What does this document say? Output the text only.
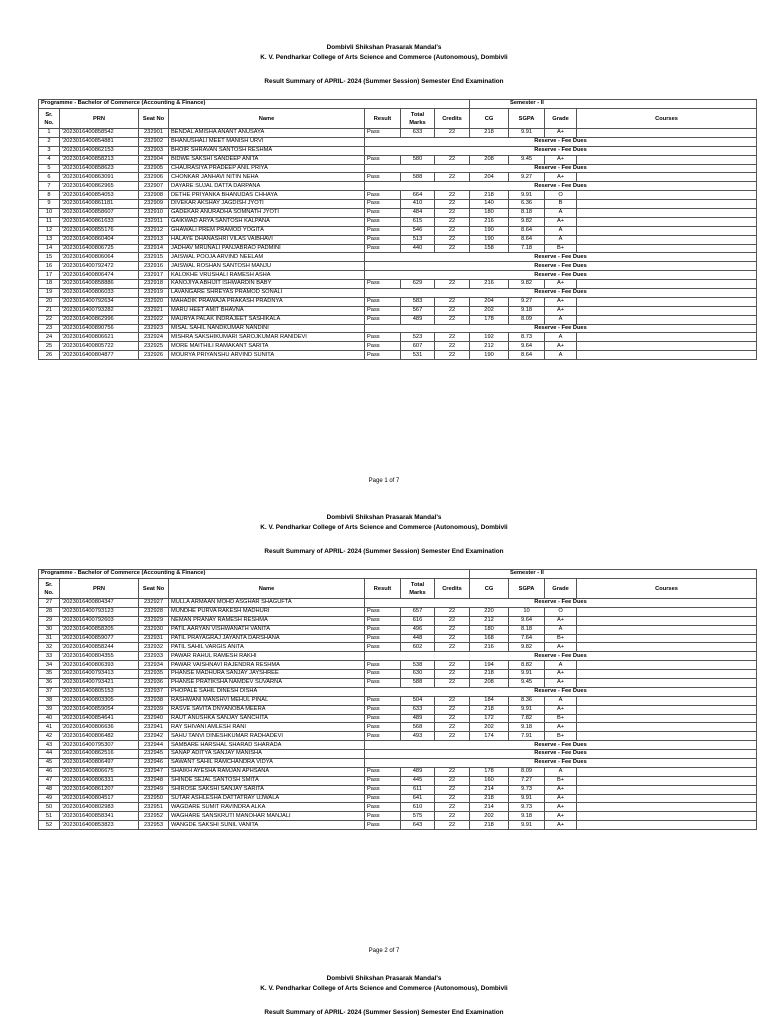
Dombivli Shikshan Prasarak Mandal's
K. V. Pendharkar College of Arts Science and Commerce (Autonomous), Dombivli
Result Summary of APRIL- 2024 (Summer Session) Semester End Examination
Programme - Bachelor of Commerce (Accounting & Finance)							Semester - II			
Sr. No.	PRN	Seat No	Name	Result	Total Marks	Credits	CG	SGPA	Grade	Courses
1	'2023016400858542	232901	BENDAL AMISHA ANANT ANUSAYA	Pass	633	22	218	9.91	A+	
2	'2023016400854881	232902	BHANUSHALI MEET MANISH URVI	Reserve - Fee Dues						
3	'2023016400862153	232903	BHOIR SHRAVAN SANTOSH RESHMA	Reserve - Fee Dues						
4	'2023016400858213	232904	BIDWE SAKSHI SANDEEP ANITA	Pass	580	22	208	9.45	A+	
5	'2023016400858623	232905	CHAURASIYA PRADEEP ANIL PRIYA	Reserve - Fee Dues						
6	'2023016400863091	232906	CHONKAR JANHAVI NITIN NEHA	Pass	588	22	204	9.27	A+	
7	'2023016400862965	232907	DAYARE SUJAL DATTA DARPANA	Reserve - Fee Dues						
8	'2023016400854053	232908	DETHE PRIYANKA BHANUDAS CHHAYA	Pass	664	22	218	9.91	O	
9	'2023016400861181	232909	DIVEKAR AKSHAY JAGDISH JYOTI	Pass	410	22	140	6.36	B	
10	'2023016400858607	232910	GADEKAR ANURADHA SOMNATH JYOTI	Pass	484	22	180	8.18	A	
11	'2023016400861633	232911	GAIKWAD ARYA SANTOSH KALPANA	Pass	615	22	216	9.82	A+	
12	'2023016400855176	232912	GHAWALI PREM PRAMOD YOGITA	Pass	546	22	190	8.64	A	
13	'2023016400860404	232913	HALAYE DHANASHRI VILAS VAIBHAVI	Pass	513	22	190	8.64	A	
14	'2023016400806725	232914	JADHAV MRUNALI PANJABRAO PADMINI	Pass	440	22	158	7.18	B+	
15	'2023016400806064	232915	JAISWAL POOJA ARVIND NEELAM	Reserve - Fee Dues						
16	'2023016400792472	232916	JAISWAL ROSHAN SANTOSH MANJU	Reserve - Fee Dues						
17	'2023016400806474	232917	KALOKHE VRUSHALI RAMESH ASHA	Reserve - Fee Dues						
18	'2023016400858886	232918	KANOJIYA ABHIJIT ISHWARDIN BABY	Pass	629	22	216	9.82	A+	
19	'2023016400806033	232919	LAVANGARE SHREYAS PRAMOD SONALI	Reserve - Fee Dues						
20	'2023016400792634	232920	MAHADIK PRAWAJA PRAKASH PRADNYA	Pass	583	22	204	9.27	A+	
21	'2023016400793282	232921	MARU HEET AMIT BHAVNA	Pass	567	22	202	9.18	A+	
22	'2023016400862996	232922	MAURYA PALAK INDRAJEET SASHIKALA	Pass	489	22	178	8.09	A	
23	'2023016400890756	232923	MISAL SAHIL NANDKUMAR NANDINI	Reserve - Fee Dues						
24	'2023016400806621	232924	MISHRA SAKSHIKUMARI SAROJKUMAR RANIDEVI	Pass	523	22	192	8.73	A	
25	'2023016400805722	232925	MORE MAITHILI RAMAKANT SARITA	Pass	607	22	212	9.64	A+	
26	'2023016400804877	232926	MOURYA PRIYANSHU ARVIND SUNITA	Pass	531	22	190	8.64	A	
Page 1 of 7
Dombivli Shikshan Prasarak Mandal's
K. V. Pendharkar College of Arts Science and Commerce (Autonomous), Dombivli
Result Summary of APRIL- 2024 (Summer Session) Semester End Examination
Programme - Bachelor of Commerce (Accounting & Finance)							Semester - II			
Sr. No.	PRN	Seat No	Name	Result	Total Marks	Credits	CG	SGPA	Grade	Courses
27	'2023016400804347	232927	MULLA ARMAAN MOHD ASGHAR SHAGUFTA	Reserve - Fee Dues						
28	'2023016400793123	232928	MUNDHE PURVA RAKESH MADHURI	Pass	657	22	220	10	O	
29	'2023016400792603	232929	NEMAN PRANAY RAMESH RESHMA	Pass	616	22	212	9.64	A+	
30	'2023016400858205	232930	PATIL AARYAN VISHWANATH VANITA	Pass	496	22	180	8.18	A	
31	'2023016400859077	232931	PATIL PRAYAGRAJ JAYANTA DARSHANA	Pass	448	22	168	7.64	B+	
32	'2023016400858244	232932	PATIL SAHIL VARGIS ANITA	Pass	602	22	216	9.82	A+	
33	'2023016400804355	232933	PAWAR RAHUL RAMESH RAKHI	Reserve - Fee Dues						
34	'2023016400806393	232934	PAWAR VAISHNAVI RAJENDRA RESHMA	Pass	538	22	194	8.82	A	
35	'2023016400793413	232935	PHANSE MADHURA SANJAY JAYSHREE	Pass	630	22	218	9.91	A+	
36	'2023016400793421	232936	PHANSE PRATIKSHA NAMDEV SUVARNA	Pass	588	22	208	9.45	A+	
37	'2023016400805153	232937	PHOPALE SAHIL DINESH DISHA	Reserve - Fee Dues						
38	'2023016400803305	232938	RASHWANI MANSHVI MEHUL PINAL	Pass	504	22	184	8.36	A	
39	'2023016400859054	232939	RASVE SAVITA DNYANOBA MEERA	Pass	633	22	218	9.91	A+	
40	'2023016400854641	232940	RAUT ANUSHKA SANJAY SANCHITA	Pass	489	22	172	7.82	B+	
41	'2023016400806636	232941	RAY SHIVANI AMLESH RANI	Pass	568	22	202	9.18	A+	
42	'2023016400806482	232942	SAHU TANVI DINESHKUMAR RADHADEVI	Pass	493	22	174	7.91	B+	
43	'2023016400795307	232944	SAMBARE HARSHAL SHARAD SHARADA	Reserve - Fee Dues						
44	'2023016400862516	232945	SANAP ADITYA SANJAY MANISHA	Reserve - Fee Dues						
45	'2023016400806497	232946	SAWANT SAHIL RAMCHANDRA VIDYA	Reserve - Fee Dues						
46	'2023016400806675	232947	SHAIKH AYESHA RAMJAN APHSANA	Pass	489	22	178	8.09	A	
47	'2023016400806331	232948	SHINDE SEJAL SANTOSH SMITA	Pass	445	22	160	7.27	B+	
48	'2023016400861207	232949	SHIROSE SAKSHI SANJAY SARITA	Pass	611	22	214	9.73	A+	
49	'2023016400804517	232950	SUTAR ASHLESHA DATTATRAY UJWALA	Pass	641	22	218	9.91	A+	
50	'2023016400802983	232951	WAGDARE SUMIT RAVINDRA ALKA	Pass	610	22	214	9.73	A+	
51	'2023016400858341	232952	WAGHARE SANSKRUTI MANOHAR MANJALI	Pass	575	22	202	9.18	A+	
52	'2023016400853823	232953	WANGDE SAKSHI SUNIL VANITA	Pass	643	22	218	9.91	A+	
Page 2 of 7
Dombivli Shikshan Prasarak Mandal's
K. V. Pendharkar College of Arts Science and Commerce (Autonomous), Dombivli
Result Summary of APRIL- 2024 (Summer Session) Semester End Examination
